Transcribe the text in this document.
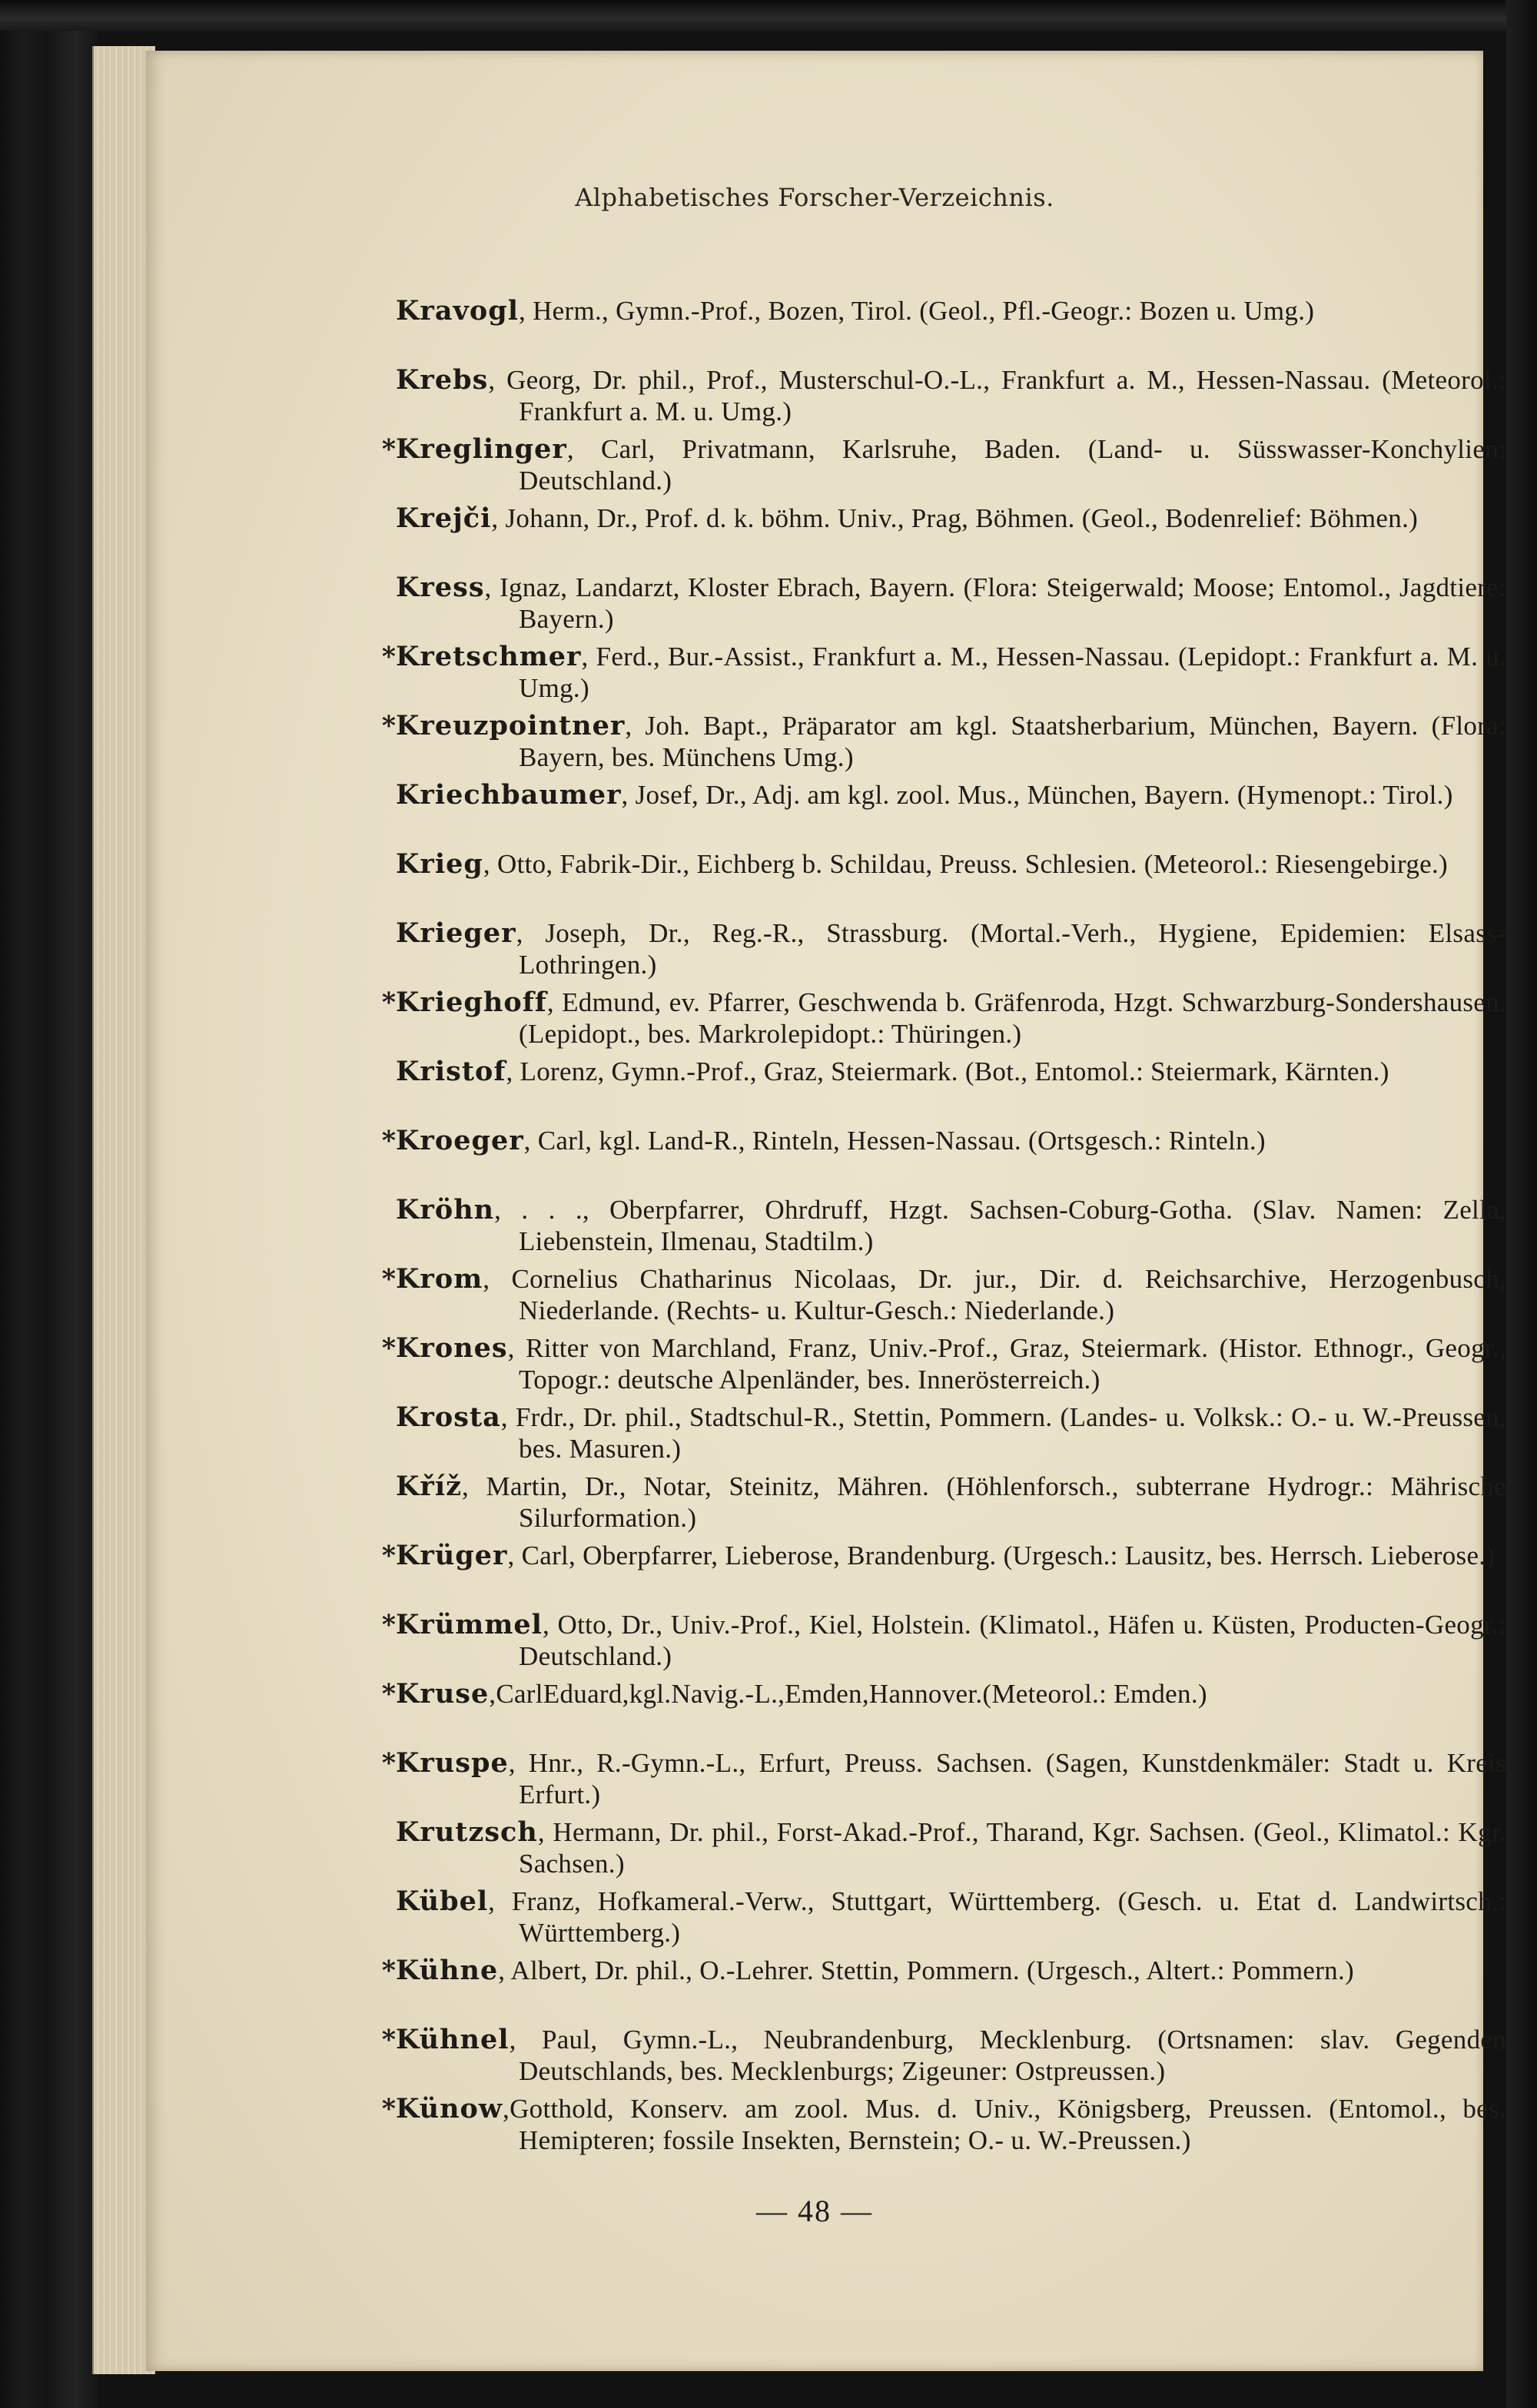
Alphabetisches Forscher-Verzeichnis.

Kravogl, Herm., Gymn.-Prof., Bozen, Tirol. (Geol., Pfl.-Geogr.: Bozen u. Umg.)

Krebs, Georg, Dr. phil., Prof., Musterschul-O.-L., Frankfurt a. M., Hessen-Nassau. (Meteorol.: Frankfurt a. M. u. Umg.)

*Kreglinger, Carl, Privatmann, Karlsruhe, Baden. (Land- u. Süsswasser-Konchylien: Deutschland.)

Krejči, Johann, Dr., Prof. d. k. böhm. Univ., Prag, Böhmen. (Geol., Bodenrelief: Böhmen.)

Kress, Ignaz, Landarzt, Kloster Ebrach, Bayern. (Flora: Steigerwald; Moose; Entomol., Jagdtiere: Bayern.)

*Kretschmer, Ferd., Bur.-Assist., Frankfurt a. M., Hessen-Nassau. (Lepidopt.: Frankfurt a. M. u. Umg.)

*Kreuzpointner, Joh. Bapt., Präparator am kgl. Staatsherbarium, München, Bayern. (Flora: Bayern, bes. Münchens Umg.)

Kriechbaumer, Josef, Dr., Adj. am kgl. zool. Mus., München, Bayern. (Hymenopt.: Tirol.)

Krieg, Otto, Fabrik-Dir., Eichberg b. Schildau, Preuss. Schlesien. (Meteorol.: Riesengebirge.)

Krieger, Joseph, Dr., Reg.-R., Strassburg. (Mortal.-Verh., Hygiene, Epidemien: Elsass-Lothringen.)

*Krieghoff, Edmund, ev. Pfarrer, Geschwenda b. Gräfenroda, Hzgt. Schwarzburg-Sondershausen. (Lepidopt., bes. Markrolepidopt.: Thüringen.)

Kristof, Lorenz, Gymn.-Prof., Graz, Steiermark. (Bot., Entomol.: Steiermark, Kärnten.)

*Kroeger, Carl, kgl. Land-R., Rinteln, Hessen-Nassau. (Ortsgesch.: Rinteln.)

Kröhn, . . ., Oberpfarrer, Ohrdruff, Hzgt. Sachsen-Coburg-Gotha. (Slav. Namen: Zella, Liebenstein, Ilmenau, Stadtilm.)

*Krom, Cornelius Chatharinus Nicolaas, Dr. jur., Dir. d. Reichsarchive, Herzogenbusch, Niederlande. (Rechts- u. Kultur-Gesch.: Niederlande.)

*Krones, Ritter von Marchland, Franz, Univ.-Prof., Graz, Steiermark. (Histor. Ethnogr., Geogr., Topogr.: deutsche Alpenländer, bes. Innerösterreich.)

Krosta, Frdr., Dr. phil., Stadtschul-R., Stettin, Pommern. (Landes- u. Volksk.: O.- u. W.-Preussen, bes. Masuren.)

Kříž, Martin, Dr., Notar, Steinitz, Mähren. (Höhlenforsch., subterrane Hydrogr.: Mährische Silurformation.)

*Krüger, Carl, Oberpfarrer, Lieberose, Brandenburg. (Urgesch.: Lausitz, bes. Herrsch. Lieberose.)

*Krümmel, Otto, Dr., Univ.-Prof., Kiel, Holstein. (Klimatol., Häfen u. Küsten, Producten-Geogr.: Deutschland.)

*Kruse,CarlEduard,kgl.Navig.-L.,Emden,Hannover.(Meteorol.: Emden.)

*Kruspe, Hnr., R.-Gymn.-L., Erfurt, Preuss. Sachsen. (Sagen, Kunstdenkmäler: Stadt u. Kreis Erfurt.)

Krutzsch, Hermann, Dr. phil., Forst-Akad.-Prof., Tharand, Kgr. Sachsen. (Geol., Klimatol.: Kgr. Sachsen.)

Kübel, Franz, Hofkameral.-Verw., Stuttgart, Württemberg. (Gesch. u. Etat d. Landwirtsch.: Württemberg.)

*Kühne, Albert, Dr. phil., O.-Lehrer. Stettin, Pommern. (Urgesch., Altert.: Pommern.)

*Kühnel, Paul, Gymn.-L., Neubrandenburg, Mecklenburg. (Ortsnamen: slav. Gegenden Deutschlands, bes. Mecklenburgs; Zigeuner: Ostpreussen.)

*Künow,Gotthold, Konserv. am zool. Mus. d. Univ., Königsberg, Preussen. (Entomol., bes. Hemipteren; fossile Insekten, Bernstein; O.- u. W.-Preussen.)

— 48 —
